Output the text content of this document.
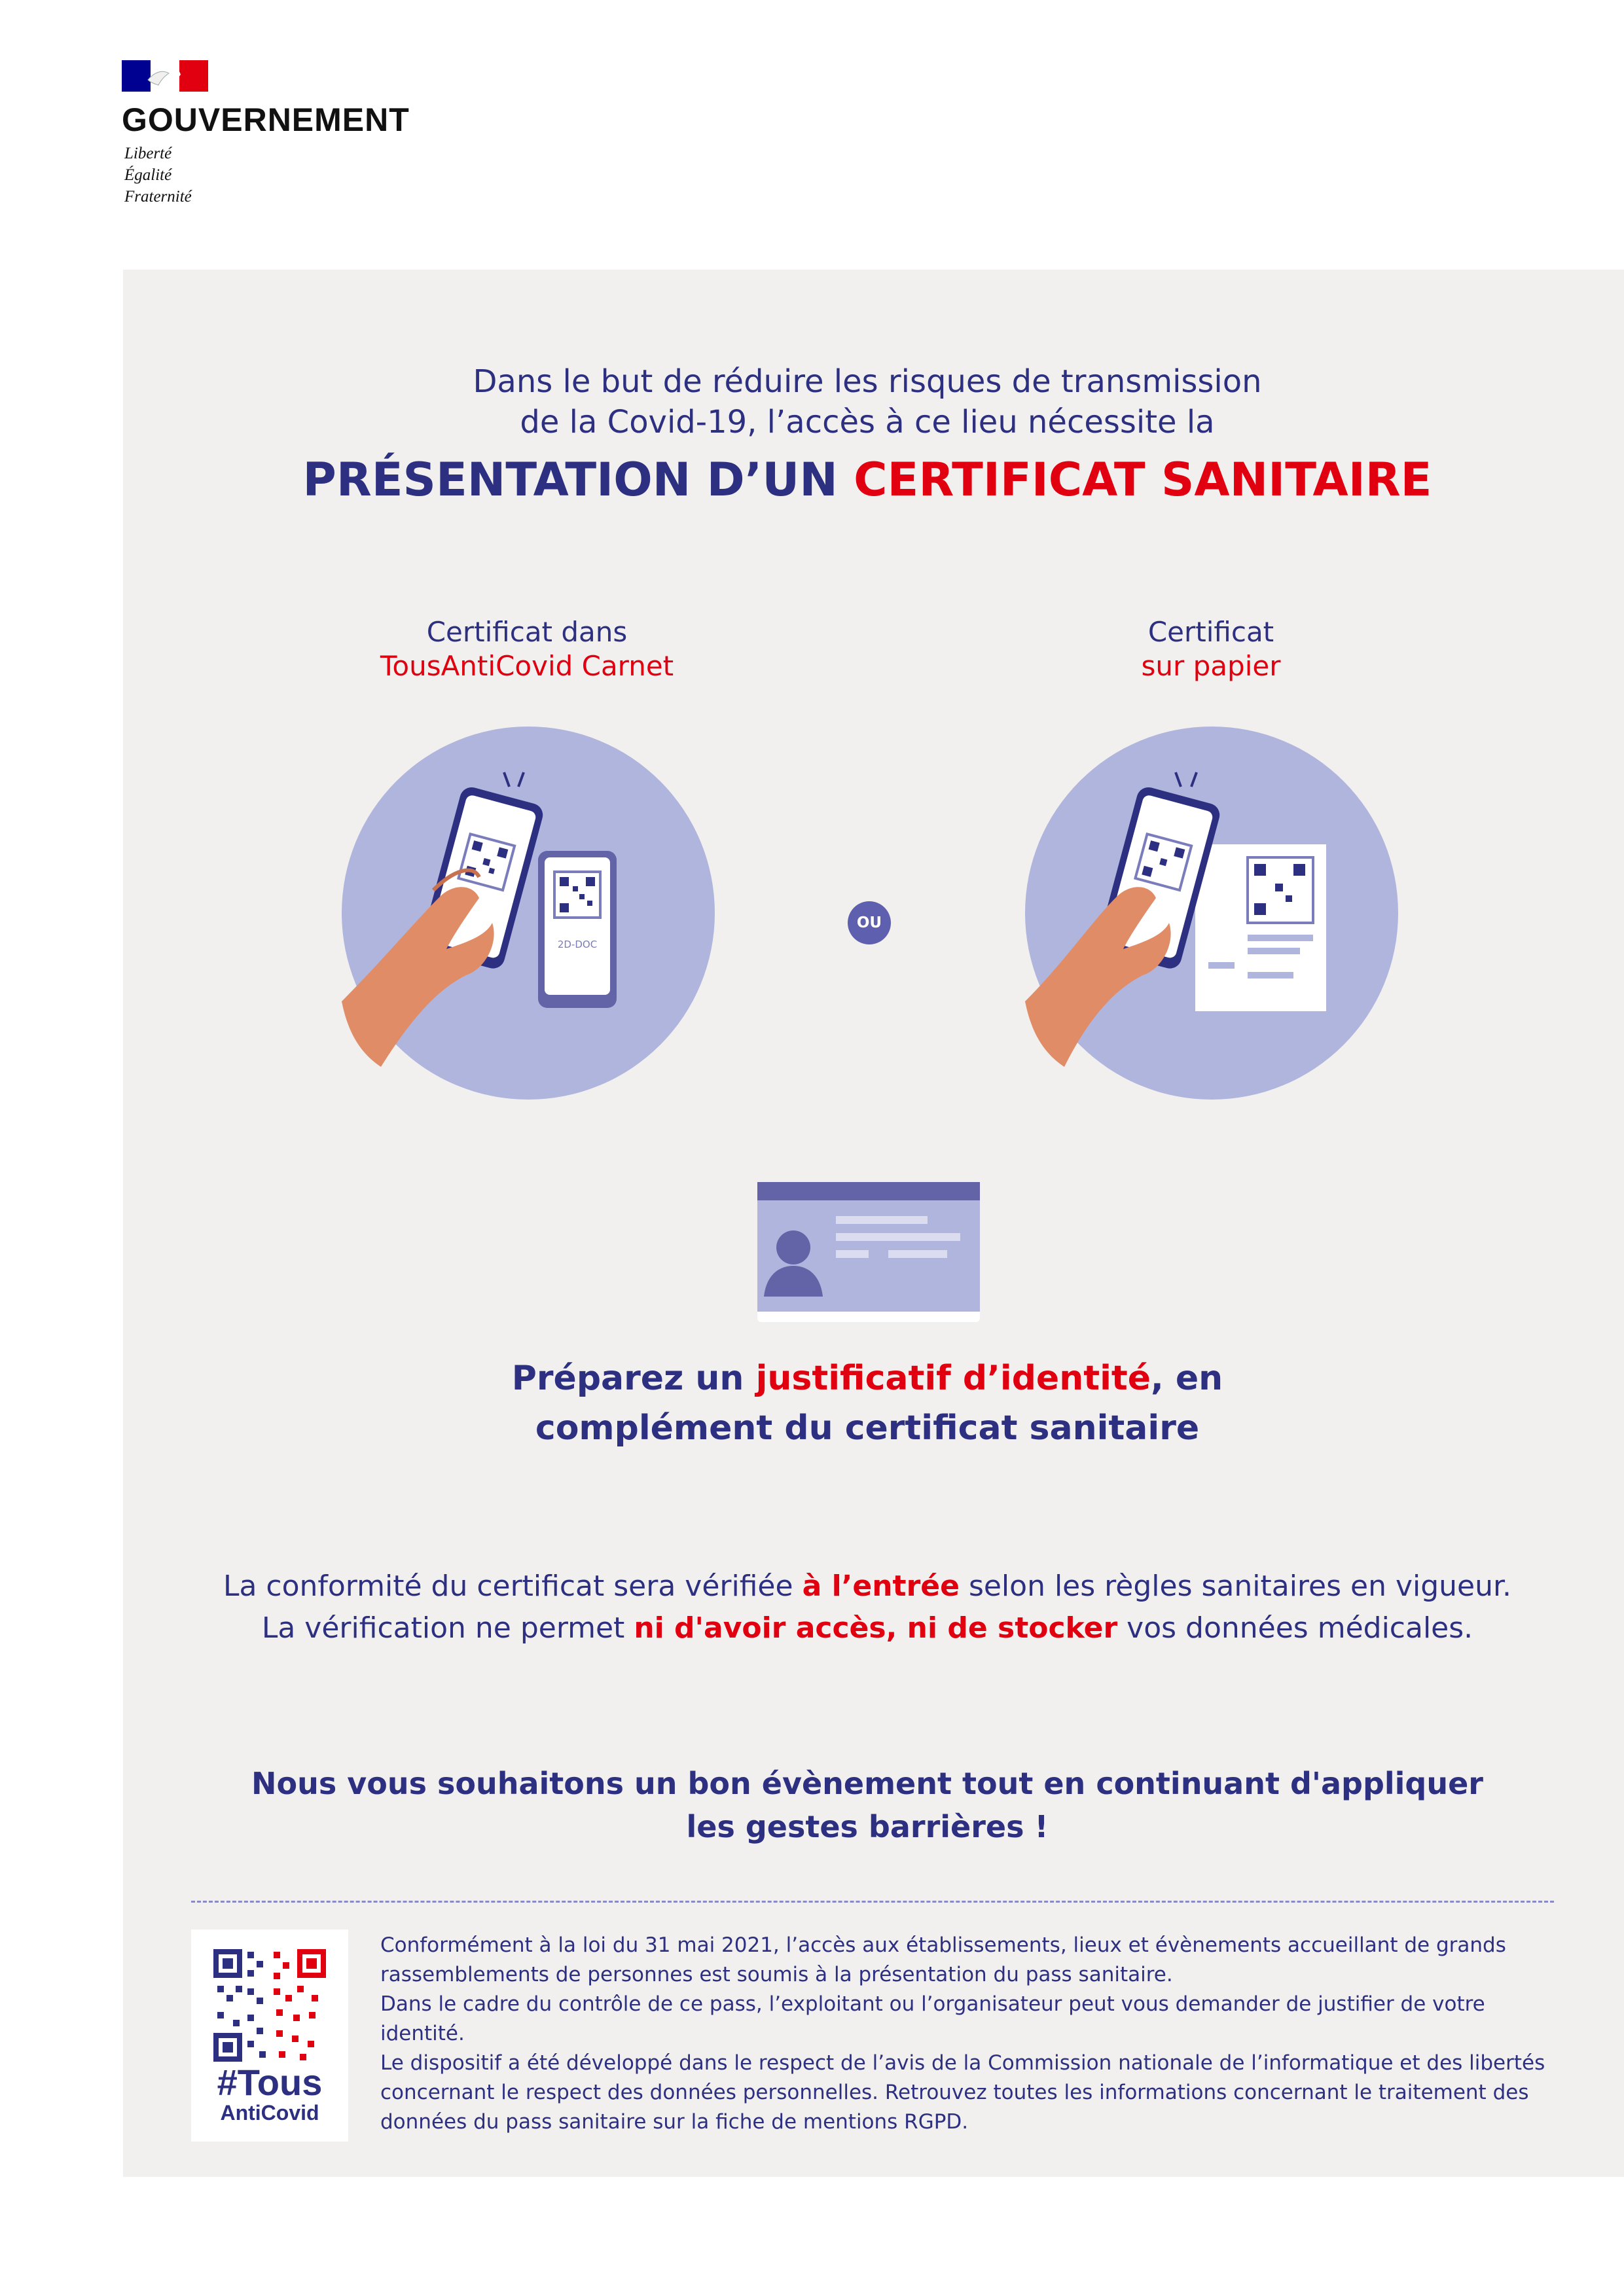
GOUVERNEMENT
Liberté
Égalité
Fraternité
Dans le but de réduire les risques de transmission
de la Covid-19, l’accès à ce lieu nécessite la
PRÉSENTATION D’UN CERTIFICAT SANITAIRE
Certificat dans
TousAntiCovid Carnet
Certificat
sur papier
2D-DOC
OU
Préparez un justificatif d’identité, en
complément du certificat sanitaire
La conformité du certificat sera vérifiée à l’entrée selon les règles sanitaires en vigueur.
La vérification ne permet ni d'avoir accès, ni de stocker vos données médicales.
Nous vous souhaitons un bon évènement tout en continuant d'appliquer
les gestes barrières !
#Tous
AntiCovid

Conformément à la loi du 31 mai 2021, l’accès aux établissements, lieux et évènements accueillant de grands rassemblements de personnes est soumis à la présentation du pass sanitaire.

Dans le cadre du contrôle de ce pass, l’exploitant ou l’organisateur peut vous demander de justifier de votre identité.

Le dispositif a été développé dans le respect de l’avis de la Commission nationale de l’informatique et des libertés concernant le respect des données personnelles. Retrouvez toutes les informations concernant le traitement des données du pass sanitaire sur la fiche de mentions RGPD.
